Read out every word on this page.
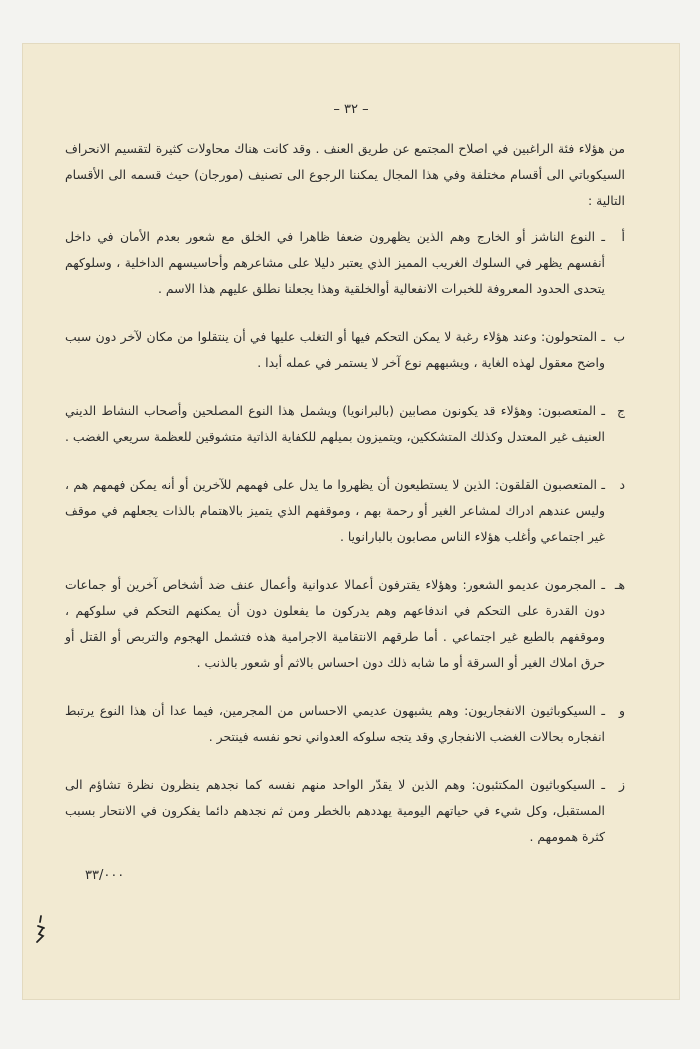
– ٣٢ –

من هؤلاء فئة الراغبين في اصلاح المجتمع عن طريق العنف . وقد كانت هناك محاولات كثيرة لتقسيم الانحراف السيكوباتي الى أقسام مختلفة وفي هذا المجال يمكننا الرجوع الى تصنيف (مورجان) حيث قسمه الى الأقسام التالية :

أ
ـ النوع الناشز أو الخارج وهم الذين يظهرون ضعفا ظاهرا في الخلق مع شعور بعدم الأمان في داخل أنفسهم يظهر في السلوك الغريب المميز الذي يعتبر دليلا على مشاعرهم وأحاسيسهم الداخلية ، وسلوكهم يتحدى الحدود المعروفة للخبرات الانفعالية أوالخلقية وهذا يجعلنا نطلق عليهم هذا الاسم .
ب
ـ المتحولون: وعند هؤلاء رغبة لا يمكن التحكم فيها أو التغلب عليها في أن ينتقلوا من مكان لآخر دون سبب واضح معقول لهذه الغاية ، ويشبههم نوع آخر لا يستمر في عمله أبدا .
ج
ـ المتعصبون: وهؤلاء قد يكونون مصابين (بالبرانويا) ويشمل هذا النوع المصلحين وأصحاب النشاط الديني العنيف غير المعتدل وكذلك المتشككين، ويتميزون بميلهم للكفاية الذاتية متشوقين للعظمة سريعي الغضب .
د
ـ المتعصبون القلقون: الذين لا يستطيعون أن يظهروا ما يدل على فهمهم للآخرين أو أنه يمكن فهمهم هم ، وليس عندهم ادراك لمشاعر الغير أو رحمة بهم ، وموقفهم الذي يتميز بالاهتمام بالذات يجعلهم في موقف غير اجتماعي وأغلب هؤلاء الناس مصابون بالبارانويا .
هـ
ـ المجرمون عديمو الشعور: وهؤلاء يقترفون أعمالا عدوانية وأعمال عنف ضد أشخاص آخرين أو جماعات دون القدرة على التحكم في اندفاعهم وهم يدركون ما يفعلون دون أن يمكنهم التحكم في سلوكهم ، وموقفهم بالطبع غير اجتماعي . أما طرقهم الانتقامية الاجرامية هذه فتشمل الهجوم والتربص أو القتل أو حرق املاك الغير أو السرقة أو ما شابه ذلك دون احساس بالاثم أو شعور بالذنب .
و
ـ السيكوباثيون الانفجاريون: وهم يشبهون عديمي الاحساس من المجرمين، فيما عدا أن هذا النوع يرتبط انفجاره بحالات الغضب الانفجاري وقد يتجه سلوكه العدواني نحو نفسه فينتحر .
ز
ـ السيكوباثيون المكتئبون: وهم الذين لا يقدّر الواحد منهم نفسه كما نجدهم ينظرون نظرة تشاؤم الى المستقبل، وكل شيء في حياتهم اليومية يهددهم بالخطر ومن ثم نجدهم دائما يفكرون في الانتحار بسبب كثرة همومهم .
٣٣/٠٠٠
